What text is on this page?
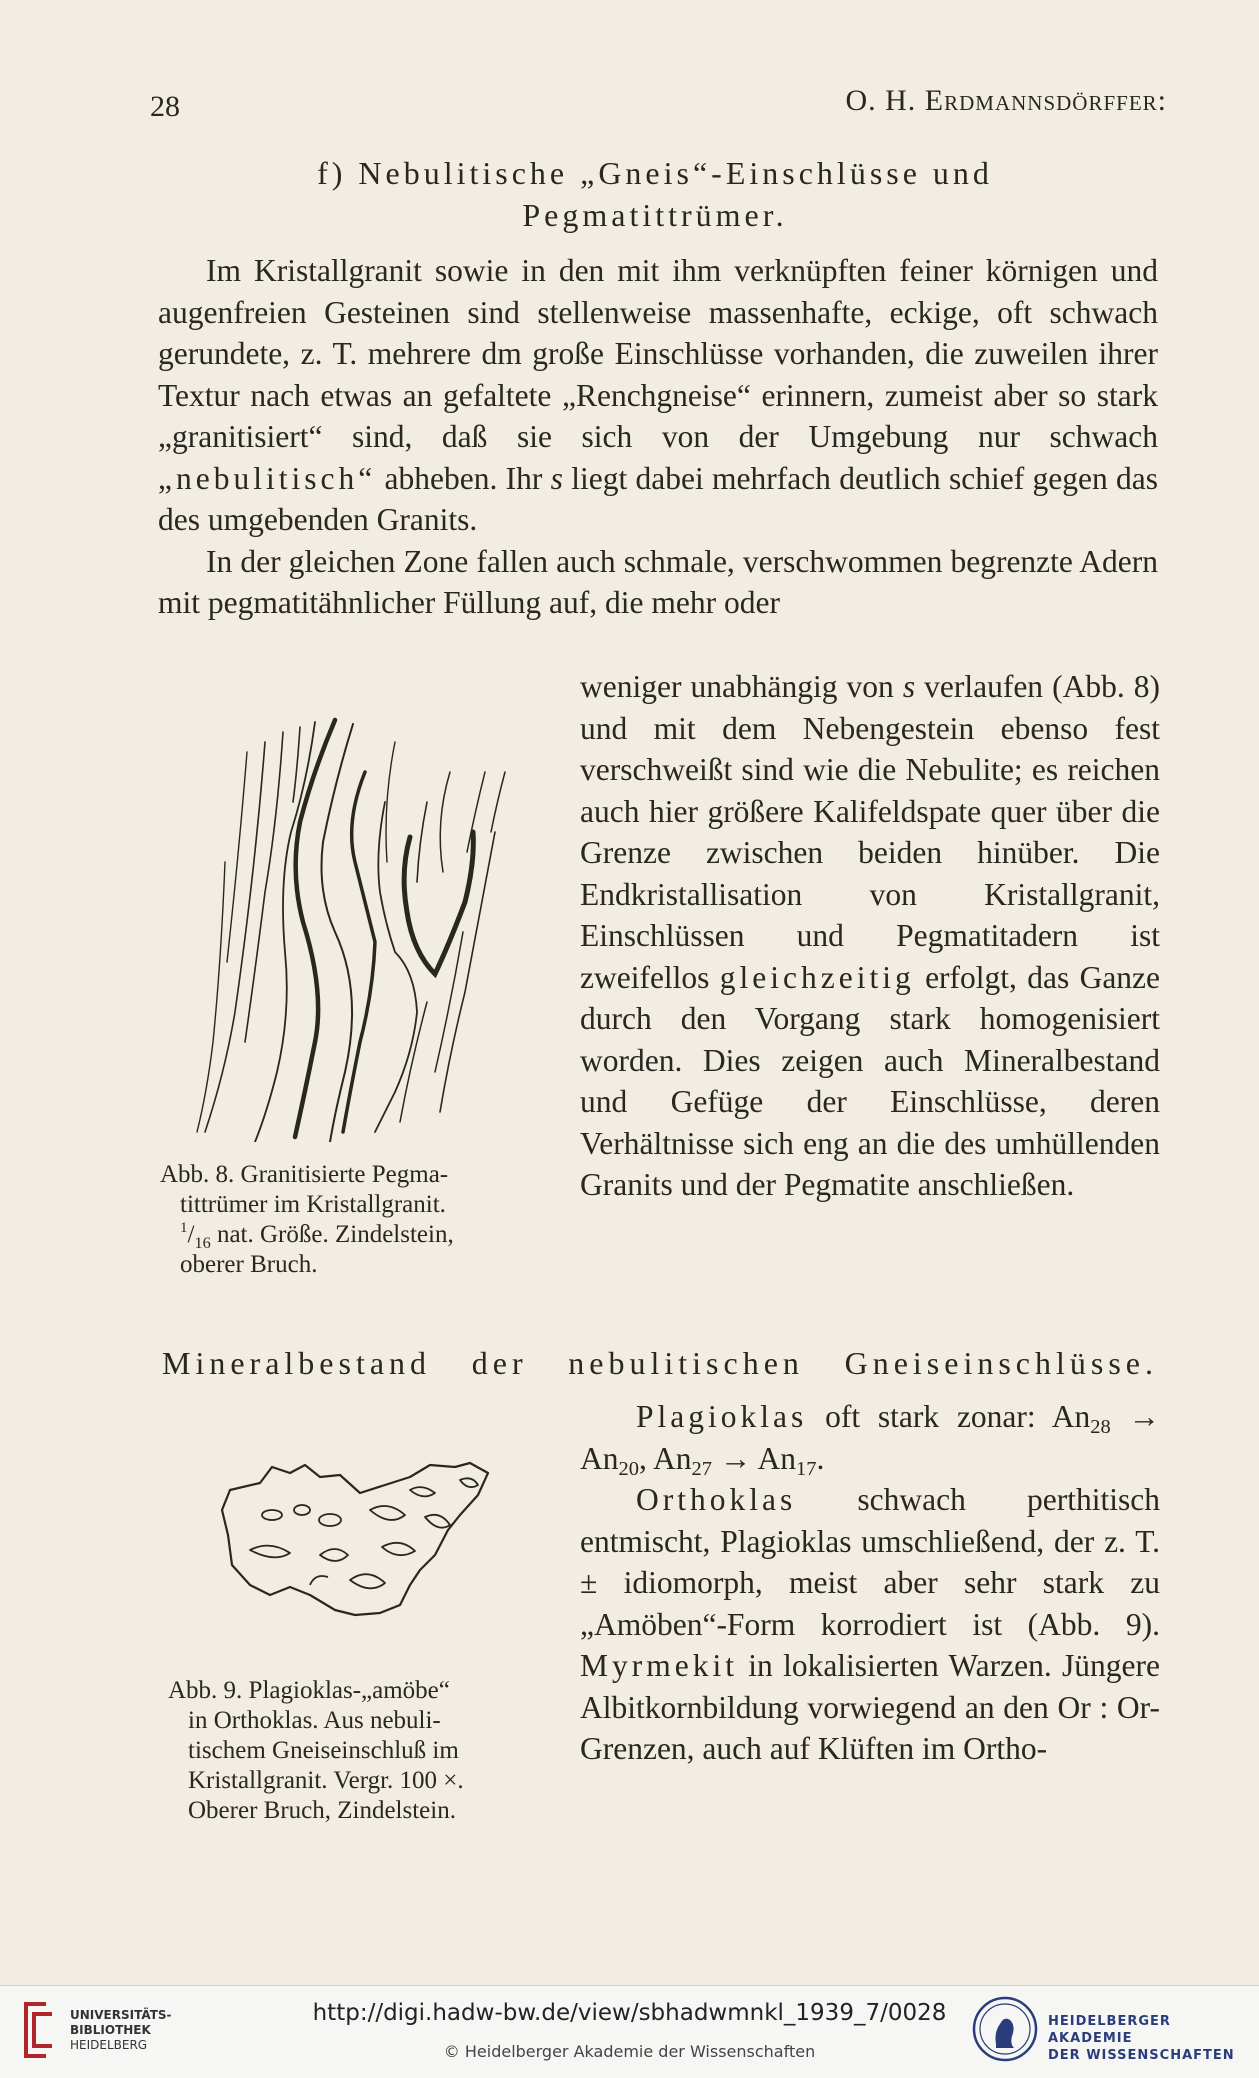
28	O. H. Erdmannsdörffer:
f) Nebulitische „Gneis“-Einschlüsse und
Pegmatittrümer.

Im Kristallgranit sowie in den mit ihm verknüpften feiner körnigen und augenfreien Gesteinen sind stellenweise massenhafte, eckige, oft schwach gerundete, z. T. mehrere dm große Einschlüsse vorhanden, die zuweilen ihrer Textur nach etwas an gefaltete „Renchgneise“ erinnern, zumeist aber so stark „granitisiert“ sind, daß sie sich von der Umgebung nur schwach „nebulitisch“ abheben. Ihr s liegt dabei mehrfach deutlich schief gegen das des umgebenden Granits.

In der gleichen Zone fallen auch schmale, verschwommen begrenzte Adern mit pegmatitähnlicher Füllung auf, die mehr oder

Abb. 8. Granitisierte Pegma-
tittrümer im Kristallgranit.
$^1/_{16}$ nat. Größe. Zindelstein,
oberer Bruch.

weniger unabhängig von s verlaufen (Abb. 8) und mit dem Nebengestein ebenso fest verschweißt sind wie die Nebulite; es reichen auch hier größere Kalifeldspate quer über die Grenze zwischen beiden hinüber. Die Endkristallisation von Kristallgranit, Einschlüssen und Pegmatitadern ist zweifellos gleichzeitig erfolgt, das Ganze durch den Vorgang stark homogenisiert worden. Dies zeigen auch Mineralbestand und Gefüge der Einschlüsse, deren Verhältnisse sich eng an die des umhüllenden Granits und der Pegmatite anschließen.

Mineralbestand der nebulitischen Gneiseinschlüsse.

Plagioklas oft stark zonar: $An_{28} \to An_{20}$, $An_{27} \to An_{17}$.

Orthoklas schwach perthitisch entmischt, Plagioklas umschließend, der z. T. ± idiomorph, meist aber sehr stark zu „Amöben“-Form korrodiert ist (Abb. 9). Myrmekit in lokalisierten Warzen. Jüngere Albitkornbildung vorwiegend an den Or : Or-Grenzen, auch auf Klüften im Ortho-

Abb. 9. Plagioklas-„amöbe“
in Orthoklas. Aus nebuli-
tischem Gneiseinschluß im
Kristallgranit. Vergr. 100 ×.
Oberer Bruch, Zindelstein.
UNIVERSITÄTS-
BIBLIOTHEK
HEIDELBERG
http://digi.hadw-bw.de/view/sbhadwmnkl_1939_7/0028
© Heidelberger Akademie der Wissenschaften
HEIDELBERGER AKADEMIE
DER WISSENSCHAFTEN
